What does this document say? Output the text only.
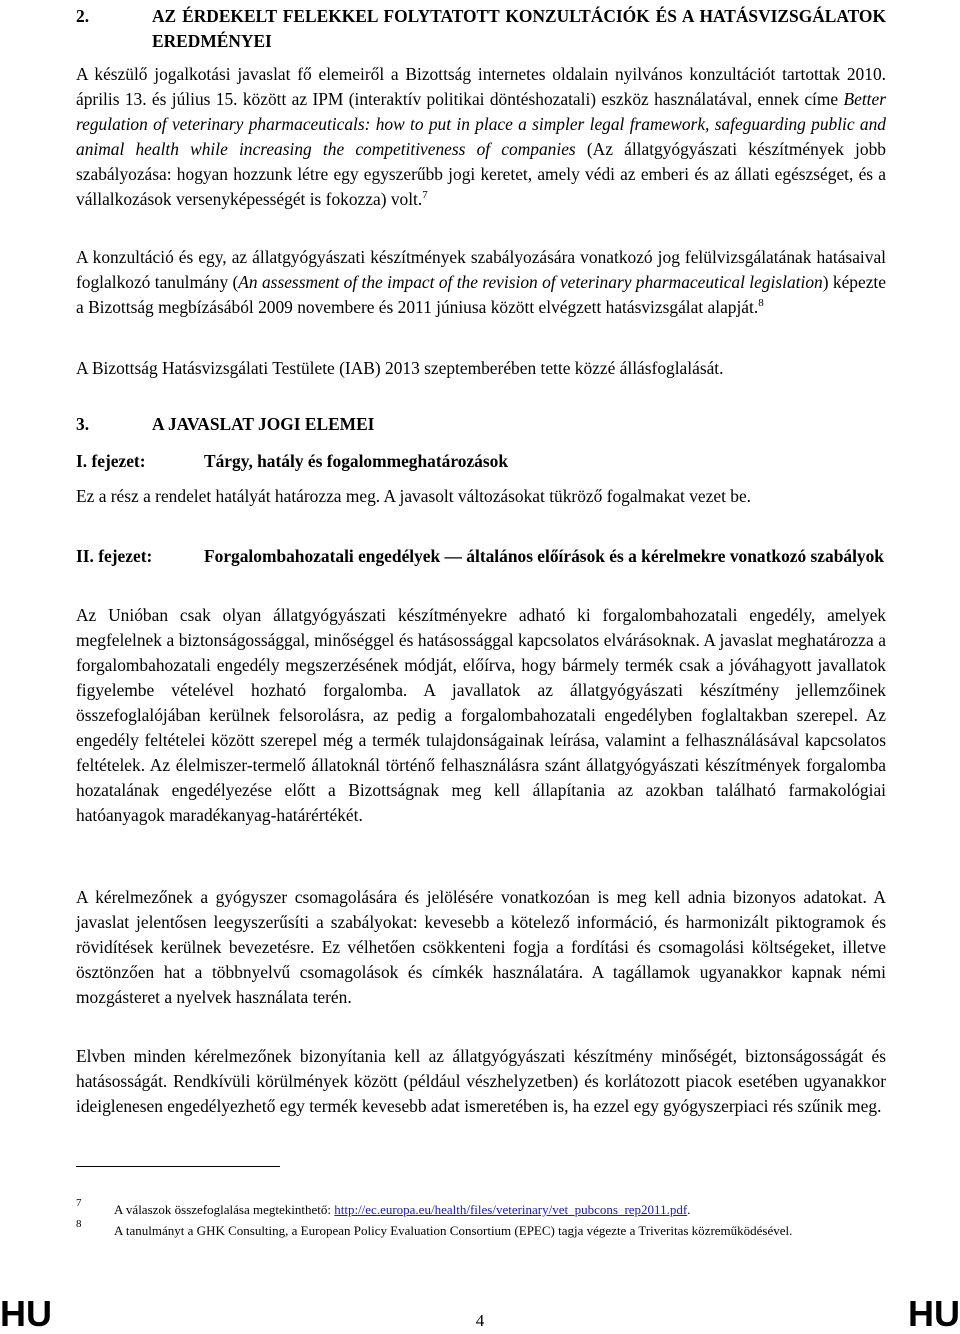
2.	AZ ÉRDEKELT FELEKKEL FOLYTATOTT KONZULTÁCIÓK ÉS A HATÁSVIZSGÁLATOK EREDMÉNYEI

A készülő jogalkotási javaslat fő elemeiről a Bizottság internetes oldalain nyilvános konzultációt tartottak 2010. április 13. és július 15. között az IPM (interaktív politikai döntéshozatali) eszköz használatával, ennek címe Better regulation of veterinary pharmaceuticals: how to put in place a simpler legal framework, safeguarding public and animal health while increasing the competitiveness of companies (Az állatgyógyászati készítmények jobb szabályozása: hogyan hozzunk létre egy egyszerűbb jogi keretet, amely védi az emberi és az állati egészséget, és a vállalkozások versenyképességét is fokozza) volt.$^7$

A konzultáció és egy, az állatgyógyászati készítmények szabályozására vonatkozó jog felülvizsgálatának hatásaival foglalkozó tanulmány (An assessment of the impact of the revision of veterinary pharmaceutical legislation) képezte a Bizottság megbízásából 2009 novembere és 2011 júniusa között elvégzett hatásvizsgálat alapját.$^8$

A Bizottság Hatásvizsgálati Testülete (IAB) 2013 szeptemberében tette közzé állásfoglalását.

3.	A JAVASLAT JOGI ELEMEI
I. fejezet:	Tárgy, hatály és fogalommeghatározások

Ez a rész a rendelet hatályát határozza meg. A javasolt változásokat tükröző fogalmakat vezet be.

II. fejezet:	Forgalombahozatali engedélyek — általános előírások és a kérelmekre vonatkozó szabályok

Az Unióban csak olyan állatgyógyászati készítményekre adható ki forgalombahozatali engedély, amelyek megfelelnek a biztonságossággal, minőséggel és hatásossággal kapcsolatos elvárásoknak. A javaslat meghatározza a forgalombahozatali engedély megszerzésének módját, előírva, hogy bármely termék csak a jóváhagyott javallatok figyelembe vételével hozható forgalomba. A javallatok az állatgyógyászati készítmény jellemzőinek összefoglalójában kerülnek felsorolásra, az pedig a forgalombahozatali engedélyben foglaltakban szerepel. Az engedély feltételei között szerepel még a termék tulajdonságainak leírása, valamint a felhasználásával kapcsolatos feltételek. Az élelmiszer-termelő állatoknál történő felhasználásra szánt állatgyógyászati készítmények forgalomba hozatalának engedélyezése előtt a Bizottságnak meg kell állapítania az azokban található farmakológiai hatóanyagok maradékanyag-határértékét.

A kérelmezőnek a gyógyszer csomagolására és jelölésére vonatkozóan is meg kell adnia bizonyos adatokat. A javaslat jelentősen leegyszerűsíti a szabályokat: kevesebb a kötelező információ, és harmonizált piktogramok és rövidítések kerülnek bevezetésre. Ez vélhetően csökkenteni fogja a fordítási és csomagolási költségeket, illetve ösztönzően hat a többnyelvű csomagolások és címkék használatára. A tagállamok ugyanakkor kapnak némi mozgásteret a nyelvek használata terén.

Elvben minden kérelmezőnek bizonyítania kell az állatgyógyászati készítmény minőségét, biztonságosságát és hatásosságát. Rendkívüli körülmények között (például vészhelyzetben) és korlátozott piacok esetében ugyanakkor ideiglenesen engedélyezhető egy termék kevesebb adat ismeretében is, ha ezzel egy gyógyszerpiaci rés szűnik meg.

7	A válaszok összefoglalása megtekinthető: http://ec.europa.eu/health/files/veterinary/vet_pubcons_rep2011.pdf.
8	A tanulmányt a GHK Consulting, a European Policy Evaluation Consortium (EPEC) tagja végezte a Triveritas közreműködésével.
HU	4	HU
